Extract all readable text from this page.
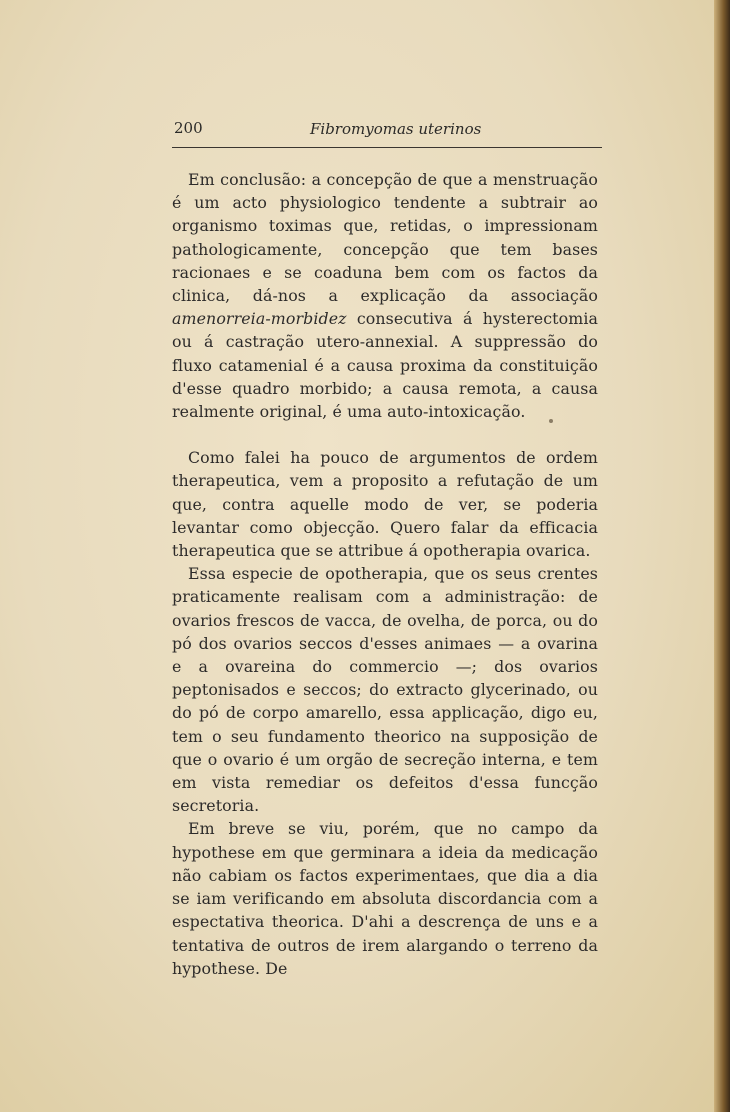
200	Fibromyomas uterinos

Em conclusão: a concepção de que a menstruação é um acto physiologico tendente a subtrair ao organismo toximas que, retidas, o impressionam pathologicamente, concepção que tem bases racionaes e se coaduna bem com os factos da clinica, dá-nos a explicação da associação amenorreia-morbidez consecutiva á hysterectomia ou á castração utero-annexial. A suppressão do fluxo catamenial é a causa proxima da constituição d'esse quadro morbido; a causa remota, a causa realmente original, é uma auto-intoxicação.

Como falei ha pouco de argumentos de ordem therapeutica, vem a proposito a refutação de um que, contra aquelle modo de ver, se poderia levantar como objecção. Quero falar da efficacia therapeutica que se attribue á opotherapia ovarica.

Essa especie de opotherapia, que os seus crentes praticamente realisam com a administração: de ovarios frescos de vacca, de ovelha, de porca, ou do pó dos ovarios seccos d'esses animaes — a ovarina e a ovareina do commercio —; dos ovarios peptonisados e seccos; do extracto glycerinado, ou do pó de corpo amarello, essa applicação, digo eu, tem o seu fundamento theorico na supposição de que o ovario é um orgão de secreção interna, e tem em vista remediar os defeitos d'essa funcção secretoria.

Em breve se viu, porém, que no campo da hypothese em que germinara a ideia da medicação não cabiam os factos experimentaes, que dia a dia se iam verificando em absoluta discordancia com a espectativa theorica. D'ahi a descrença de uns e a tentativa de outros de irem alargando o terreno da hypothese. De
